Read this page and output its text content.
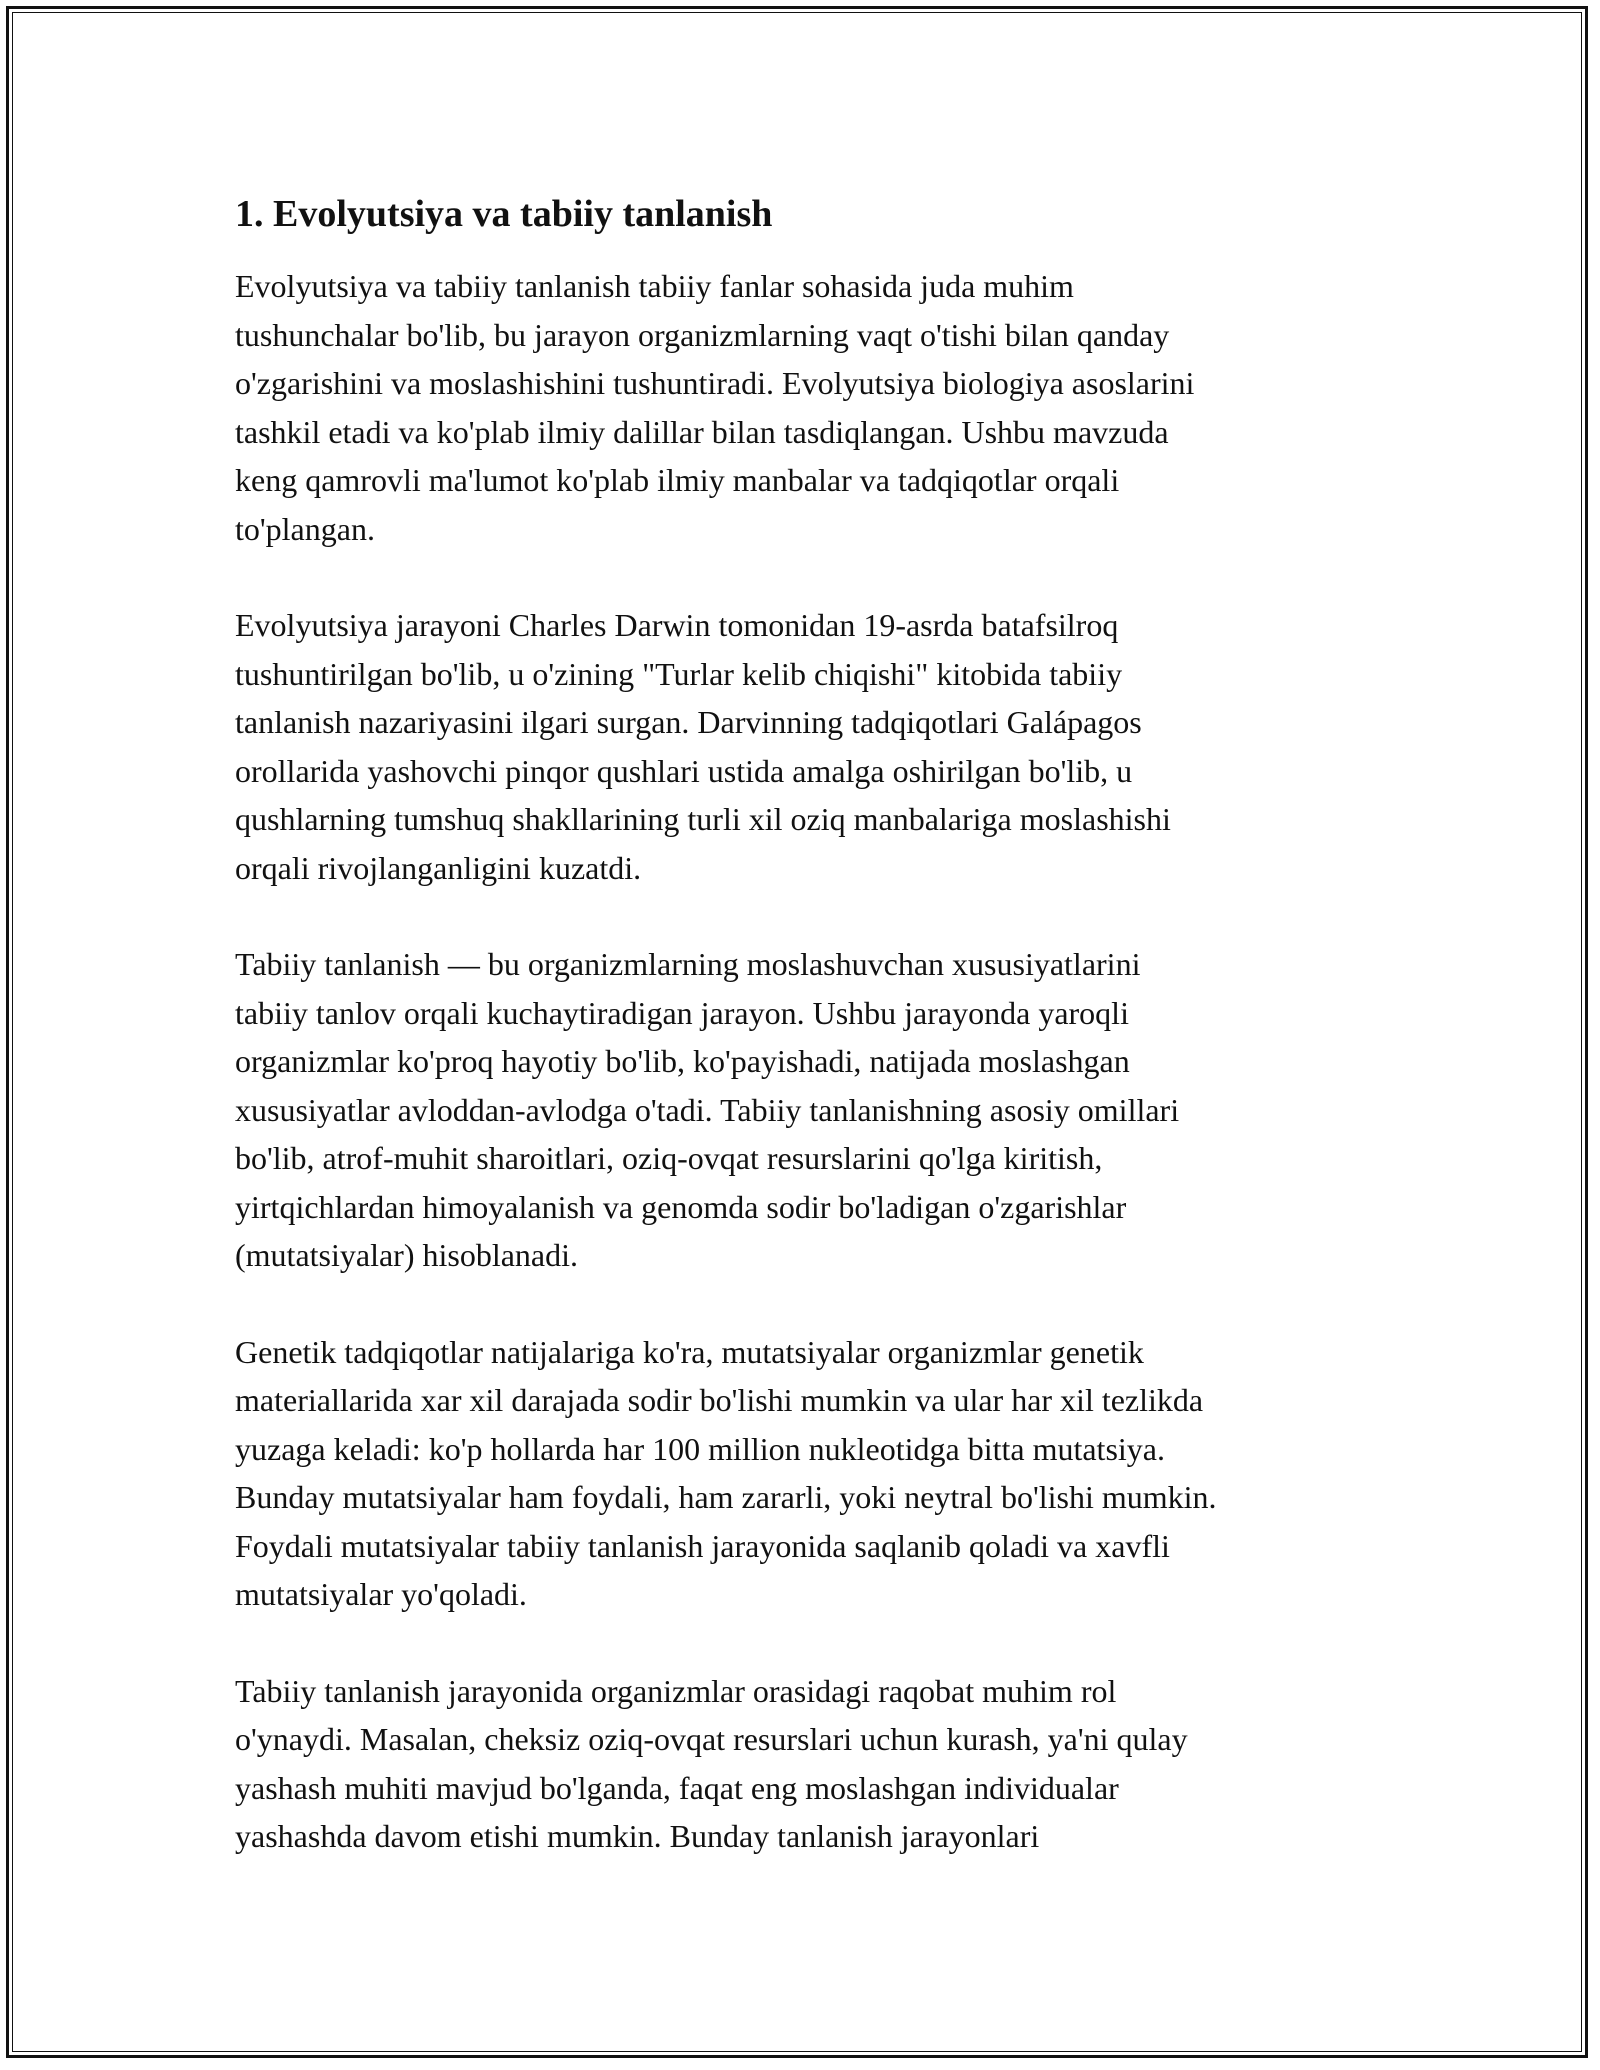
1. Evolyutsiya va tabiiy tanlanish

Evolyutsiya va tabiiy tanlanish tabiiy fanlar sohasida juda muhim
tushunchalar bo'lib, bu jarayon organizmlarning vaqt o'tishi bilan qanday
o'zgarishini va moslashishini tushuntiradi. Evolyutsiya biologiya asoslarini
tashkil etadi va ko'plab ilmiy dalillar bilan tasdiqlangan. Ushbu mavzuda
keng qamrovli ma'lumot ko'plab ilmiy manbalar va tadqiqotlar orqali
to'plangan.

Evolyutsiya jarayoni Charles Darwin tomonidan 19-asrda batafsilroq
tushuntirilgan bo'lib, u o'zining "Turlar kelib chiqishi" kitobida tabiiy
tanlanish nazariyasini ilgari surgan. Darvinning tadqiqotlari Galápagos
orollarida yashovchi pinqor qushlari ustida amalga oshirilgan bo'lib, u
qushlarning tumshuq shakllarining turli xil oziq manbalariga moslashishi
orqali rivojlanganligini kuzatdi.

Tabiiy tanlanish — bu organizmlarning moslashuvchan xususiyatlarini
tabiiy tanlov orqali kuchaytiradigan jarayon. Ushbu jarayonda yaroqli
organizmlar ko'proq hayotiy bo'lib, ko'payishadi, natijada moslashgan
xususiyatlar avloddan-avlodga o'tadi. Tabiiy tanlanishning asosiy omillari
bo'lib, atrof-muhit sharoitlari, oziq-ovqat resurslarini qo'lga kiritish,
yirtqichlardan himoyalanish va genomda sodir bo'ladigan o'zgarishlar
(mutatsiyalar) hisoblanadi.

Genetik tadqiqotlar natijalariga ko'ra, mutatsiyalar organizmlar genetik
materiallarida xar xil darajada sodir bo'lishi mumkin va ular har xil tezlikda
yuzaga keladi: ko'p hollarda har 100 million nukleotidga bitta mutatsiya.
Bunday mutatsiyalar ham foydali, ham zararli, yoki neytral bo'lishi mumkin.
Foydali mutatsiyalar tabiiy tanlanish jarayonida saqlanib qoladi va xavfli
mutatsiyalar yo'qoladi.

Tabiiy tanlanish jarayonida organizmlar orasidagi raqobat muhim rol
o'ynaydi. Masalan, cheksiz oziq-ovqat resurslari uchun kurash, ya'ni qulay
yashash muhiti mavjud bo'lganda, faqat eng moslashgan individualar
yashashda davom etishi mumkin. Bunday tanlanish jarayonlari
